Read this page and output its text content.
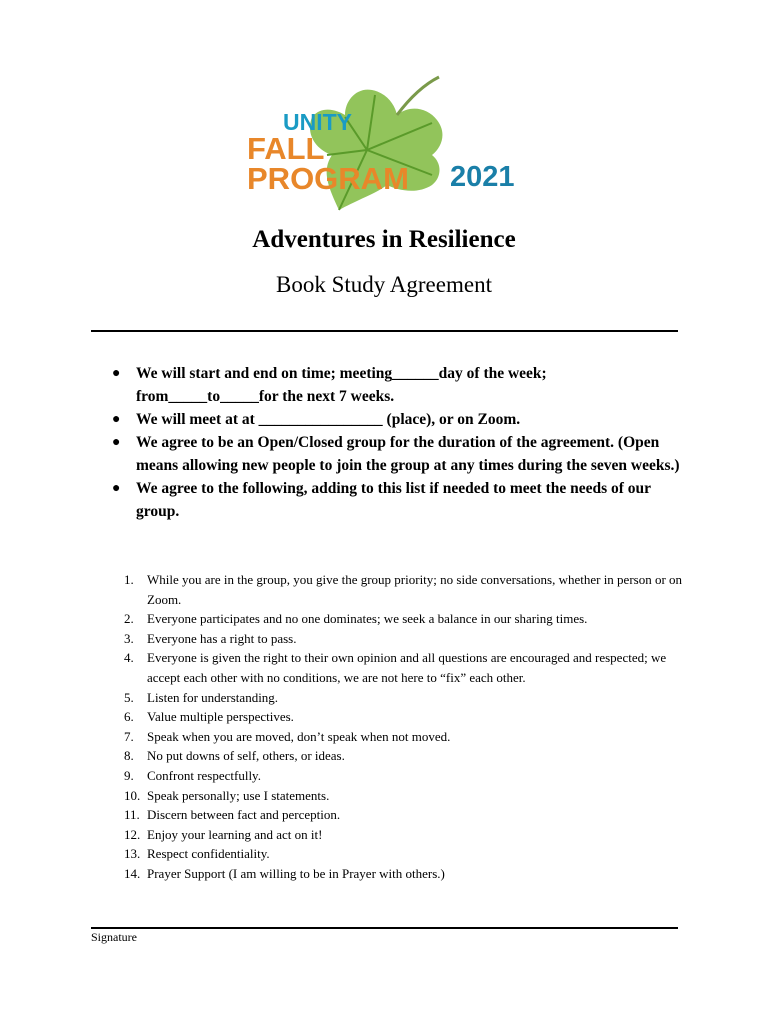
UNITY
FALL
PROGRAM 2021
Adventures in Resilience
Book Study Agreement
● We will start and end on time; meeting______day of the week; from_____to_____for the next 7 weeks.
● We will meet at at ________________ (place), or on Zoom.
● We agree to be an Open/Closed group for the duration of the agreement. (Open means allowing new people to join the group at any times during the seven weeks.)
● We agree to the following, adding to this list if needed to meet the needs of our group.
1. While you are in the group, you give the group priority; no side conversations, whether in person or on Zoom.
2. Everyone participates and no one dominates; we seek a balance in our sharing times.
3. Everyone has a right to pass.
4. Everyone is given the right to their own opinion and all questions are encouraged and respected; we accept each other with no conditions, we are not here to “fix” each other.
5. Listen for understanding.
6. Value multiple perspectives.
7. Speak when you are moved, don’t speak when not moved.
8. No put downs of self, others, or ideas.
9. Confront respectfully.
10. Speak personally; use I statements.
11. Discern between fact and perception.
12. Enjoy your learning and act on it!
13. Respect confidentiality.
14. Prayer Support (I am willing to be in Prayer with others.)
Signature
